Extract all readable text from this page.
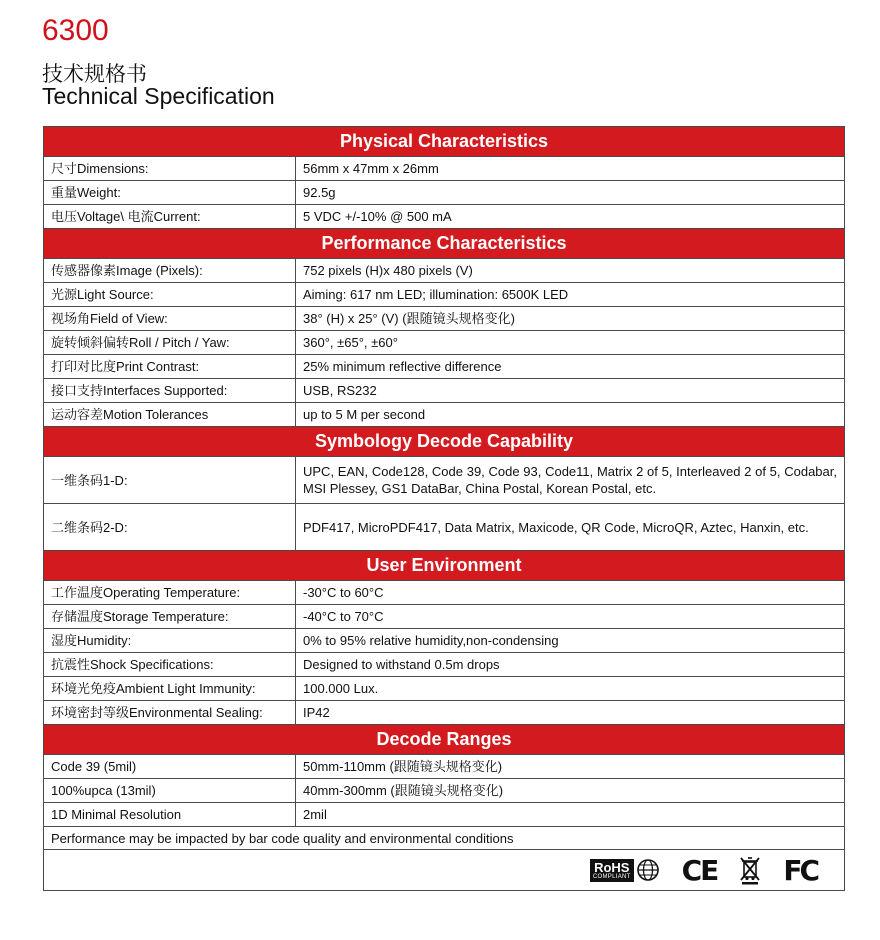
6300
技术规格书
Technical Specification
Physical Characteristics	
尺寸Dimensions:	56mm x 47mm x 26mm
重量Weight:	92.5g
电压Voltage\ 电流Current:	5 VDC +/-10% @ 500 mA
Performance Characteristics	
传感器像素Image (Pixels):	752 pixels (H)x 480 pixels (V)
光源Light Source:	Aiming: 617 nm LED; illumination: 6500K LED
视场角Field of View:	38° (H) x 25° (V) (跟随镜头规格变化)
旋转倾斜偏转Roll / Pitch / Yaw:	360°, ±65°, ±60°
打印对比度Print Contrast:	25% minimum reflective difference
接口支持Interfaces Supported:	USB, RS232
运动容差Motion Tolerances	up to 5 M per second
Symbology Decode Capability	
一维条码1-D:	UPC, EAN, Code128, Code 39, Code 93, Code11, Matrix 2 of 5, Interleaved 2 of 5, Codabar, MSI Plessey, GS1 DataBar, China Postal, Korean Postal, etc.
二维条码2-D:	PDF417, MicroPDF417, Data Matrix, Maxicode, QR Code, MicroQR, Aztec, Hanxin, etc.
User Environment	
工作温度Operating Temperature:	-30°C to 60°C
存储温度Storage Temperature:	-40°C to 70°C
湿度Humidity:	0% to 95% relative humidity,non-condensing
抗震性Shock Specifications:	Designed to withstand 0.5m drops
环境光免疫Ambient Light Immunity:	100.000 Lux.
环境密封等级Environmental Sealing:	IP42
Decode Ranges	
Code 39 (5mil)	50mm-110mm (跟随镜头规格变化)
100%upca (13mil)	40mm-300mm (跟随镜头规格变化)
1D Minimal Resolution	2mil
Performance may be impacted by bar code quality and environmental conditions	

RoHS
COMPLIANT CE FC	
